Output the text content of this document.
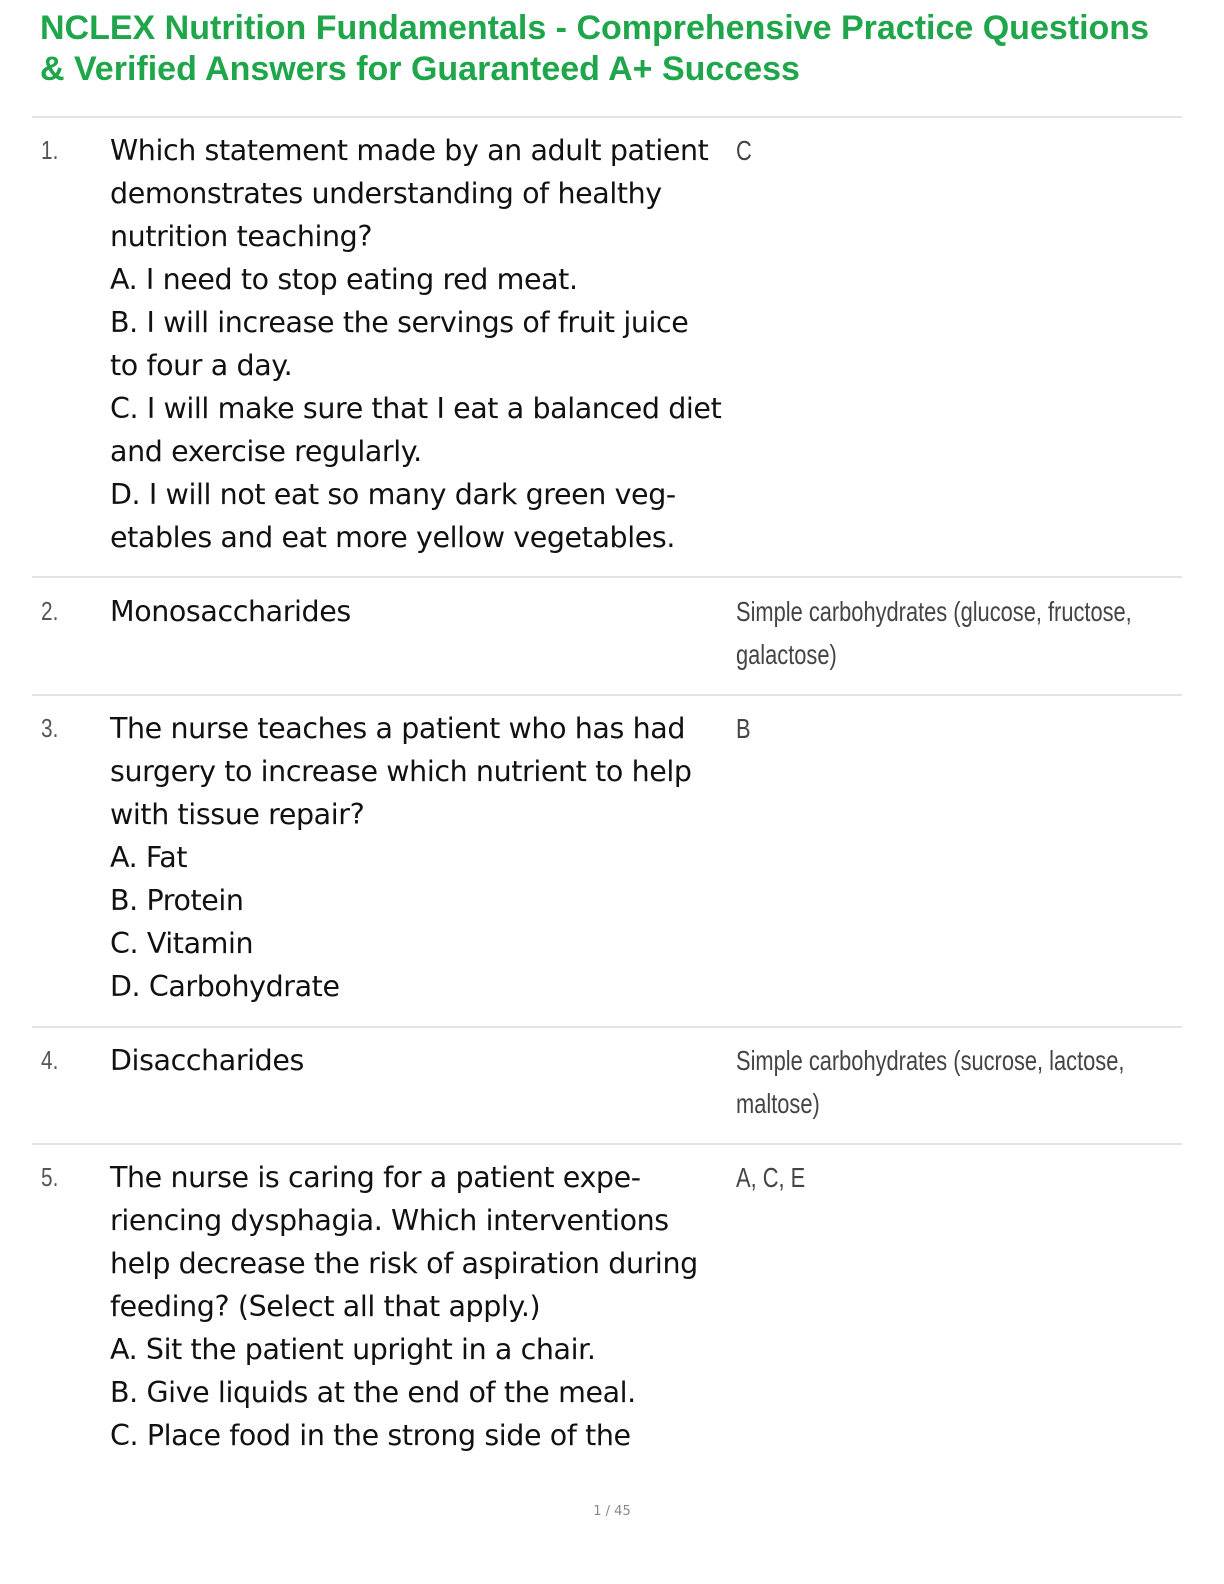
NCLEX Nutrition Fundamentals - Comprehensive Practice Questions
& Verified Answers for Guaranteed A+ Success
1. Which statement made by an adult patient
demonstrates understanding of healthy
nutrition teaching?
A. I need to stop eating red meat.
B. I will increase the servings of fruit juice
to four a day.
C. I will make sure that I eat a balanced diet
and exercise regularly.
D. I will not eat so many dark green veg-
etables and eat more yellow vegetables.
C
2. Monosaccharides	Simple carbohydrates (glucose, fructose,
galactose)
3. The nurse teaches a patient who has had
surgery to increase which nutrient to help
with tissue repair?
A. Fat
B. Protein
C. Vitamin
D. Carbohydrate
B
4. Disaccharides	Simple carbohydrates (sucrose, lactose,
maltose)
5. The nurse is caring for a patient expe-
riencing dysphagia. Which interventions
help decrease the risk of aspiration during
feeding? (Select all that apply.)
A. Sit the patient upright in a chair.
B. Give liquids at the end of the meal.
C. Place food in the strong side of the
A, C, E
1 / 45
